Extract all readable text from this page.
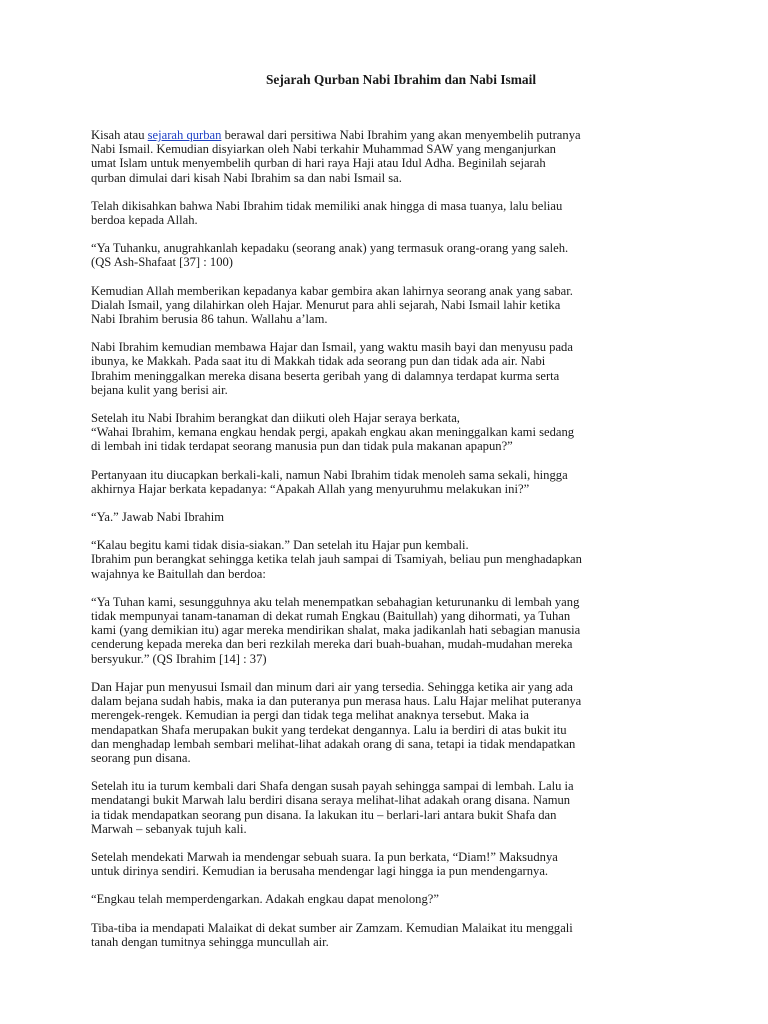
Sejarah Qurban Nabi Ibrahim dan Nabi Ismail
Kisah atau sejarah qurban berawal dari persitiwa Nabi Ibrahim yang akan menyembelih putranya
Nabi Ismail. Kemudian disyiarkan oleh Nabi terkahir Muhammad SAW yang menganjurkan
umat Islam untuk menyembelih qurban di hari raya Haji atau Idul Adha. Beginilah sejarah
qurban dimulai dari kisah Nabi Ibrahim sa dan nabi Ismail sa.
Telah dikisahkan bahwa Nabi Ibrahim tidak memiliki anak hingga di masa tuanya, lalu beliau
berdoa kepada Allah.
“Ya Tuhanku, anugrahkanlah kepadaku (seorang anak) yang termasuk orang-orang yang saleh.
(QS Ash-Shafaat [37] : 100)
Kemudian Allah memberikan kepadanya kabar gembira akan lahirnya seorang anak yang sabar.
Dialah Ismail, yang dilahirkan oleh Hajar. Menurut para ahli sejarah, Nabi Ismail lahir ketika
Nabi Ibrahim berusia 86 tahun. Wallahu a’lam.
Nabi Ibrahim kemudian membawa Hajar dan Ismail, yang waktu masih bayi dan menyusu pada
ibunya, ke Makkah. Pada saat itu di Makkah tidak ada seorang pun dan tidak ada air. Nabi
Ibrahim meninggalkan mereka disana beserta geribah yang di dalamnya terdapat kurma serta
bejana kulit yang berisi air.
Setelah itu Nabi Ibrahim berangkat dan diikuti oleh Hajar seraya berkata,
“Wahai Ibrahim, kemana engkau hendak pergi, apakah engkau akan meninggalkan kami sedang
di lembah ini tidak terdapat seorang manusia pun dan tidak pula makanan apapun?”
Pertanyaan itu diucapkan berkali-kali, namun Nabi Ibrahim tidak menoleh sama sekali, hingga
akhirnya Hajar berkata kepadanya: “Apakah Allah yang menyuruhmu melakukan ini?”
“Ya.” Jawab Nabi Ibrahim
“Kalau begitu kami tidak disia-siakan.” Dan setelah itu Hajar pun kembali.
Ibrahim pun berangkat sehingga ketika telah jauh sampai di Tsamiyah, beliau pun menghadapkan
wajahnya ke Baitullah dan berdoa:
“Ya Tuhan kami, sesungguhnya aku telah menempatkan sebahagian keturunanku di lembah yang
tidak mempunyai tanam-tanaman di dekat rumah Engkau (Baitullah) yang dihormati, ya Tuhan
kami (yang demikian itu) agar mereka mendirikan shalat, maka jadikanlah hati sebagian manusia
cenderung kepada mereka dan beri rezkilah mereka dari buah-buahan, mudah-mudahan mereka
bersyukur.” (QS Ibrahim [14] : 37)
Dan Hajar pun menyusui Ismail dan minum dari air yang tersedia. Sehingga ketika air yang ada
dalam bejana sudah habis, maka ia dan puteranya pun merasa haus. Lalu Hajar melihat puteranya
merengek-rengek. Kemudian ia pergi dan tidak tega melihat anaknya tersebut. Maka ia
mendapatkan Shafa merupakan bukit yang terdekat dengannya. Lalu ia berdiri di atas bukit itu
dan menghadap lembah sembari melihat-lihat adakah orang di sana, tetapi ia tidak mendapatkan
seorang pun disana.
Setelah itu ia turum kembali dari Shafa dengan susah payah sehingga sampai di lembah. Lalu ia
mendatangi bukit Marwah lalu berdiri disana seraya melihat-lihat adakah orang disana. Namun
ia tidak mendapatkan seorang pun disana. Ia lakukan itu – berlari-lari antara bukit Shafa dan
Marwah – sebanyak tujuh kali.
Setelah mendekati Marwah ia mendengar sebuah suara. Ia pun berkata, “Diam!” Maksudnya
untuk dirinya sendiri. Kemudian ia berusaha mendengar lagi hingga ia pun mendengarnya.
“Engkau telah memperdengarkan. Adakah engkau dapat menolong?”
Tiba-tiba ia mendapati Malaikat di dekat sumber air Zamzam. Kemudian Malaikat itu menggali
tanah dengan tumitnya sehingga muncullah air.
